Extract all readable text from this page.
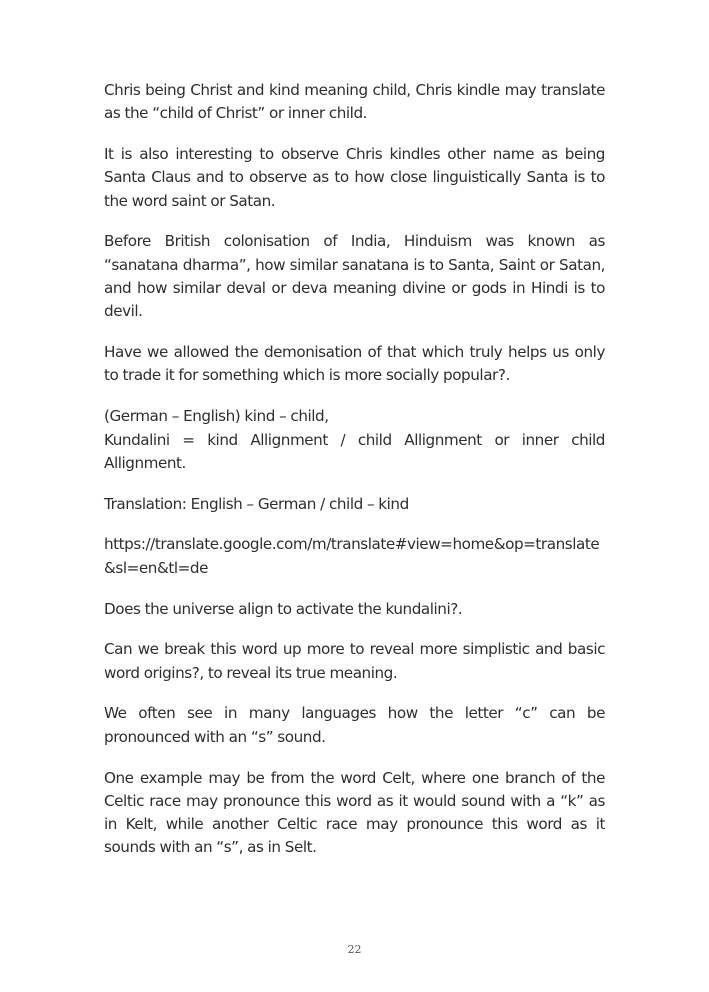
Chris being Christ and kind meaning child, Chris kindle may translate as the “child of Christ” or inner child.

It is also interesting to observe Chris kindles other name as being Santa Claus and to observe as to how close linguistically Santa is to the word saint or Satan.

Before British colonisation of India, Hinduism was known as “sanatana dharma”, how similar sanatana is to Santa, Saint or Satan, and how similar deval or deva meaning divine or gods in Hindi is to devil.

Have we allowed the demonisation of that which truly helps us only to trade it for something which is more socially popular?.

(German – English) kind – child,
Kundalini = kind Allignment / child Allignment or inner child Allignment.

Translation: English – German / child – kind

https://translate.google.com/m/translate#view=home&op=translate
&sl=en&tl=de

Does the universe align to activate the kundalini?.

Can we break this word up more to reveal more simplistic and basic word origins?, to reveal its true meaning.

We often see in many languages how the letter “c” can be pronounced with an “s” sound.

One example may be from the word Celt, where one branch of the Celtic race may pronounce this word as it would sound with a “k” as in Kelt, while another Celtic race may pronounce this word as it sounds with an “s”, as in Selt.

22
